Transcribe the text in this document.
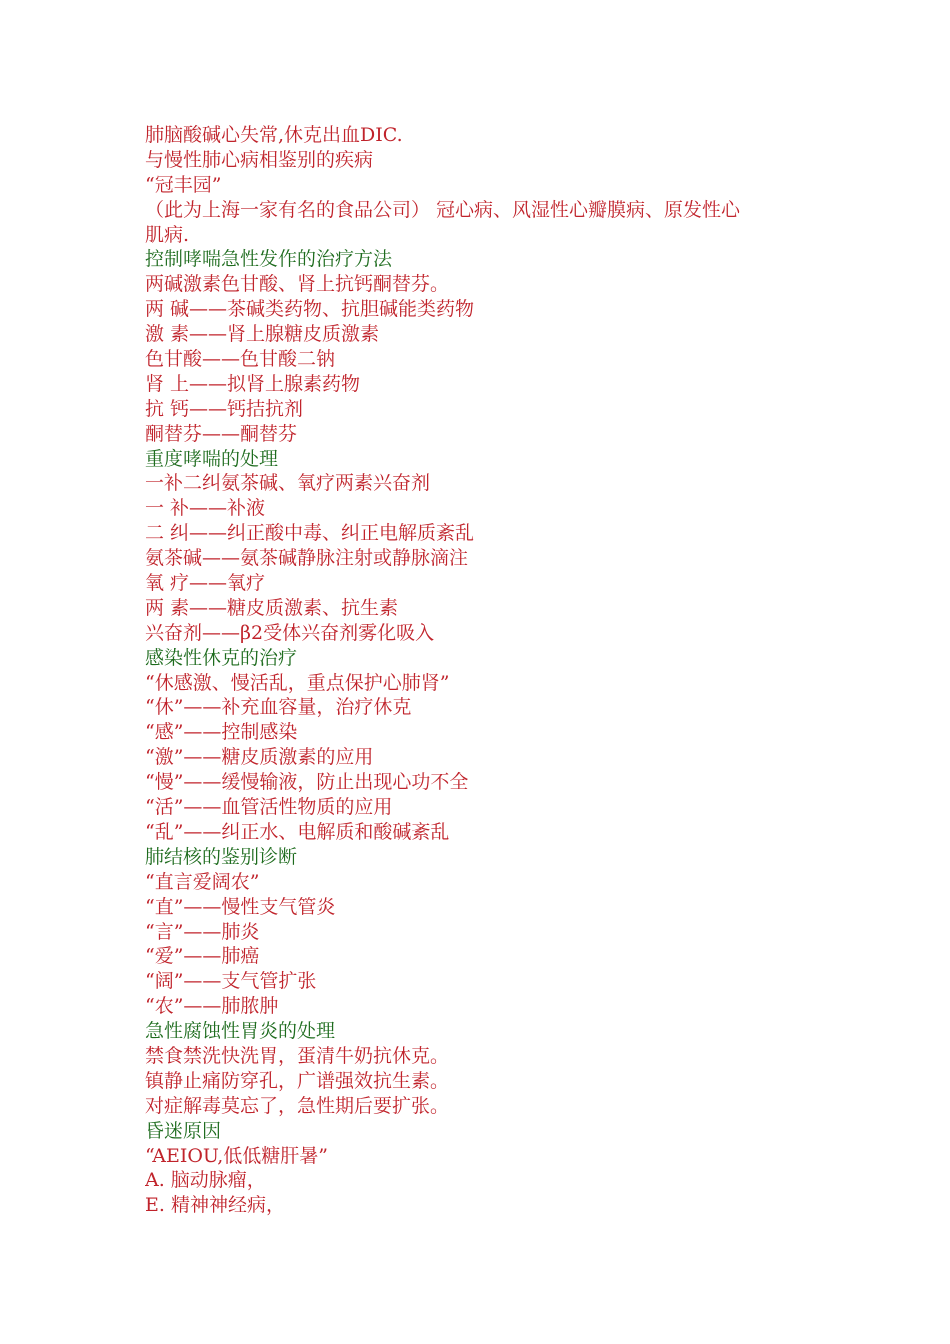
肺脑酸碱心失常,休克出血DIC.
与慢性肺心病相鉴别的疾病
“冠丰园”
（此为上海一家有名的食品公司） 冠心病、风湿性心瓣膜病、原发性心
肌病.
控制哮喘急性发作的治疗方法
两碱激素色甘酸、肾上抗钙酮替芬。
两 碱——茶碱类药物、抗胆碱能类药物
激 素——肾上腺糖皮质激素
色甘酸——色甘酸二钠
肾 上——拟肾上腺素药物
抗 钙——钙拮抗剂
酮替芬——酮替芬
重度哮喘的处理
一补二纠氨茶碱、氧疗两素兴奋剂
一 补——补液
二 纠——纠正酸中毒、纠正电解质紊乱
氨茶碱——氨茶碱静脉注射或静脉滴注
氧 疗——氧疗
两 素——糖皮质激素、抗生素
兴奋剂——β2受体兴奋剂雾化吸入
感染性休克的治疗
“休感激、慢活乱，重点保护心肺肾”
“休”——补充血容量，治疗休克
“感”——控制感染
“激”——糖皮质激素的应用
“慢”——缓慢输液，防止出现心功不全
“活”——血管活性物质的应用
“乱”——纠正水、电解质和酸碱紊乱
肺结核的鉴别诊断
“直言爱阔农”
“直”——慢性支气管炎
“言”——肺炎
“爱”——肺癌
“阔”——支气管扩张
“农”——肺脓肿
急性腐蚀性胃炎的处理
禁食禁洗快洗胃，蛋清牛奶抗休克。
镇静止痛防穿孔，广谱强效抗生素。
对症解毒莫忘了，急性期后要扩张。
昏迷原因
“AEIOU,低低糖肝暑”
A. 脑动脉瘤，
E. 精神神经病，
